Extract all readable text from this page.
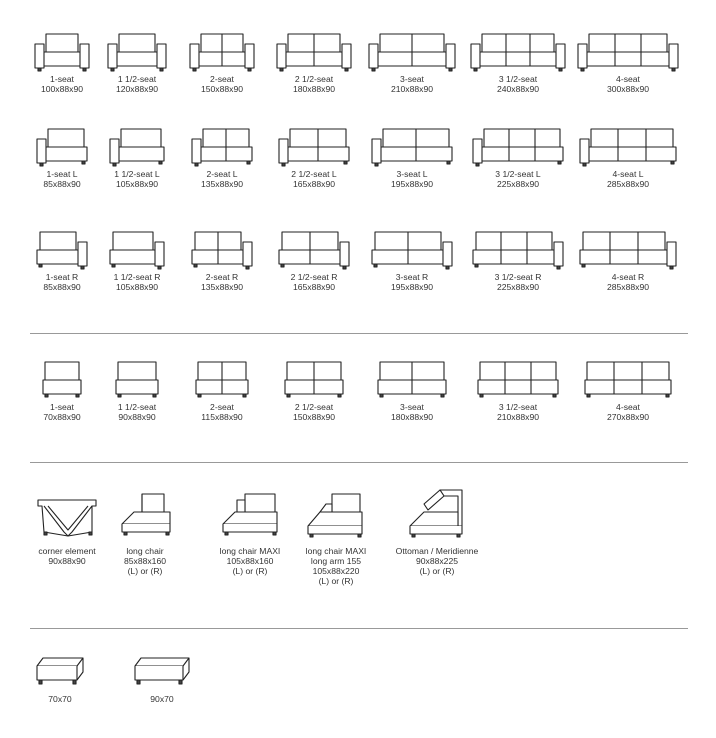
1-seat
100x88x90
1 1/2-seat
120x88x90
2-seat
150x88x90
2 1/2-seat
180x88x90
3-seat
210x88x90
3 1/2-seat
240x88x90
4-seat
300x88x90
1-seat L
85x88x90
1 1/2-seat L
105x88x90
2-seat L
135x88x90
2 1/2-seat L
165x88x90
3-seat L
195x88x90
3 1/2-seat L
225x88x90
4-seat L
285x88x90
1-seat R
85x88x90
1 1/2-seat R
105x88x90
2-seat R
135x88x90
2 1/2-seat R
165x88x90
3-seat R
195x88x90
3 1/2-seat R
225x88x90
4-seat R
285x88x90
1-seat
70x88x90
1 1/2-seat
90x88x90
2-seat
115x88x90
2 1/2-seat
150x88x90
3-seat
180x88x90
3 1/2-seat
210x88x90
4-seat
270x88x90
corner element
90x88x90
long chair
85x88x160
(L) or (R)
long chair MAXI
105x88x160
(L) or (R)
long chair MAXI
long arm 155
105x88x220
(L) or (R)
Ottoman / Meridienne
90x88x225
(L) or (R)
70x70	90x70
